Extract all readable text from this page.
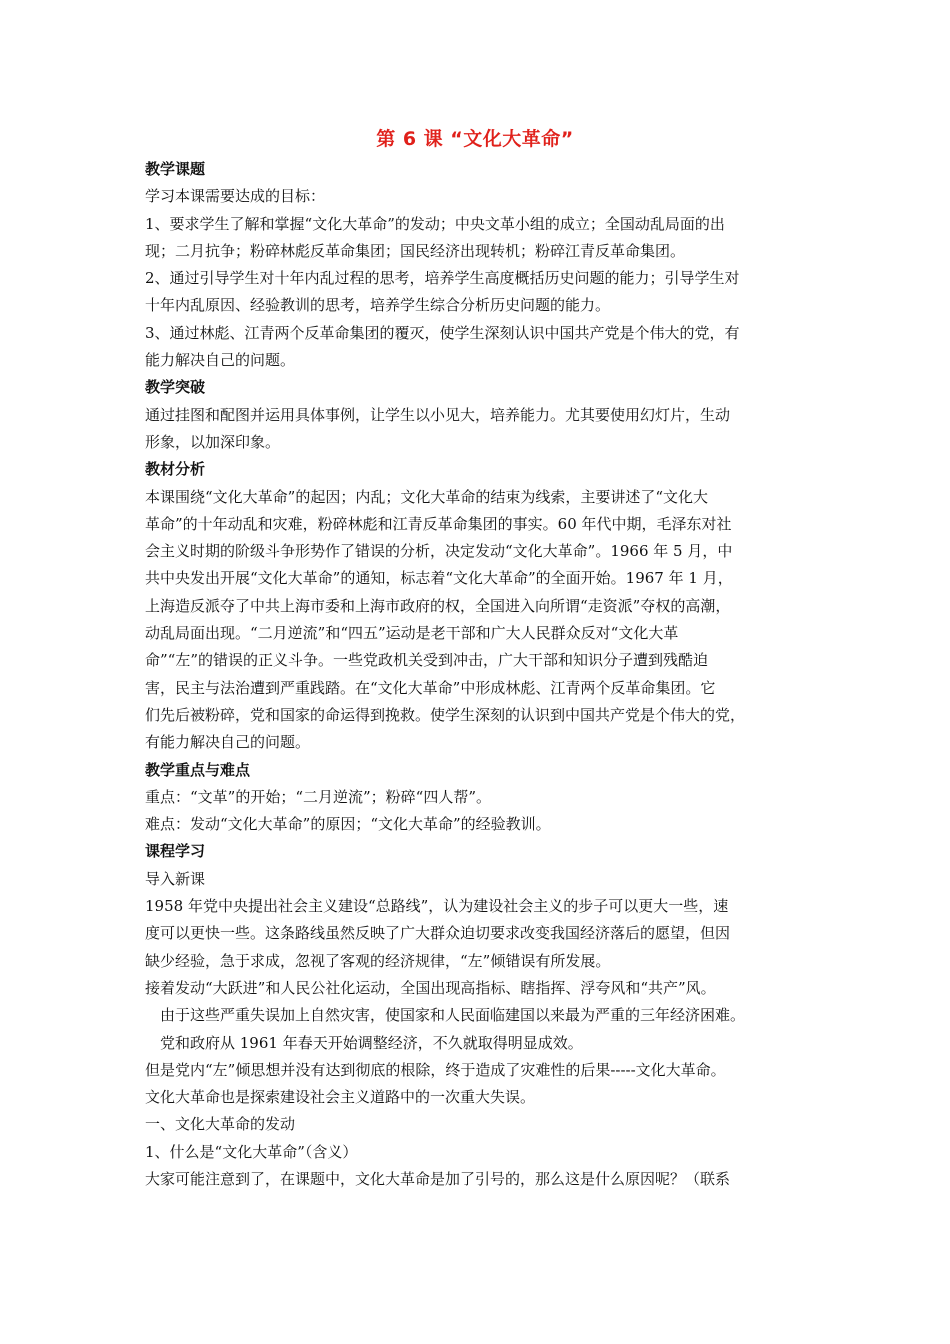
第 6 课 “文化大革命”
教学课题
学习本课需要达成的目标：
1、要求学生了解和掌握“文化大革命”的发动；中央文革小组的成立；全国动乱局面的出
现；二月抗争；粉碎林彪反革命集团；国民经济出现转机；粉碎江青反革命集团。
2、通过引导学生对十年内乱过程的思考，培养学生高度概括历史问题的能力；引导学生对
十年内乱原因、经验教训的思考，培养学生综合分析历史问题的能力。
3、通过林彪、江青两个反革命集团的覆灭，使学生深刻认识中国共产党是个伟大的党，有
能力解决自己的问题。
教学突破
通过挂图和配图并运用具体事例，让学生以小见大，培养能力。尤其要使用幻灯片，生动
形象，以加深印象。
教材分析
本课围绕“文化大革命”的起因；内乱；文化大革命的结束为线索，主要讲述了“文化大
革命”的十年动乱和灾难，粉碎林彪和江青反革命集团的事实。60 年代中期，毛泽东对社
会主义时期的阶级斗争形势作了错误的分析，决定发动“文化大革命”。1966 年 5 月，中
共中央发出开展“文化大革命”的通知，标志着“文化大革命”的全面开始。1967 年 1 月，
上海造反派夺了中共上海市委和上海市政府的权，全国进入向所谓“走资派”夺权的高潮，
动乱局面出现。“二月逆流”和“四五”运动是老干部和广大人民群众反对“文化大革
命”“左”的错误的正义斗争。一些党政机关受到冲击，广大干部和知识分子遭到残酷迫
害，民主与法治遭到严重践踏。在“文化大革命”中形成林彪、江青两个反革命集团。它
们先后被粉碎，党和国家的命运得到挽救。使学生深刻的认识到中国共产党是个伟大的党，
有能力解决自己的问题。
教学重点与难点
重点：“文革”的开始；“二月逆流”；粉碎“四人帮”。
难点：发动“文化大革命”的原因；“文化大革命”的经验教训。
课程学习
导入新课
1958 年党中央提出社会主义建设“总路线”，认为建设社会主义的步子可以更大一些，速
度可以更快一些。这条路线虽然反映了广大群众迫切要求改变我国经济落后的愿望，但因
缺少经验，急于求成，忽视了客观的经济规律，“左”倾错误有所发展。
接着发动“大跃进”和人民公社化运动，全国出现高指标、瞎指挥、浮夸风和“共产”风。
由于这些严重失误加上自然灾害，使国家和人民面临建国以来最为严重的三年经济困难。
党和政府从 1961 年春天开始调整经济，不久就取得明显成效。
但是党内“左”倾思想并没有达到彻底的根除，终于造成了灾难性的后果-----文化大革命。
文化大革命也是探索建设社会主义道路中的一次重大失误。
一、文化大革命的发动
1、什么是“文化大革命”（含义）
大家可能注意到了，在课题中，文化大革命是加了引号的，那么这是什么原因呢？（联系
